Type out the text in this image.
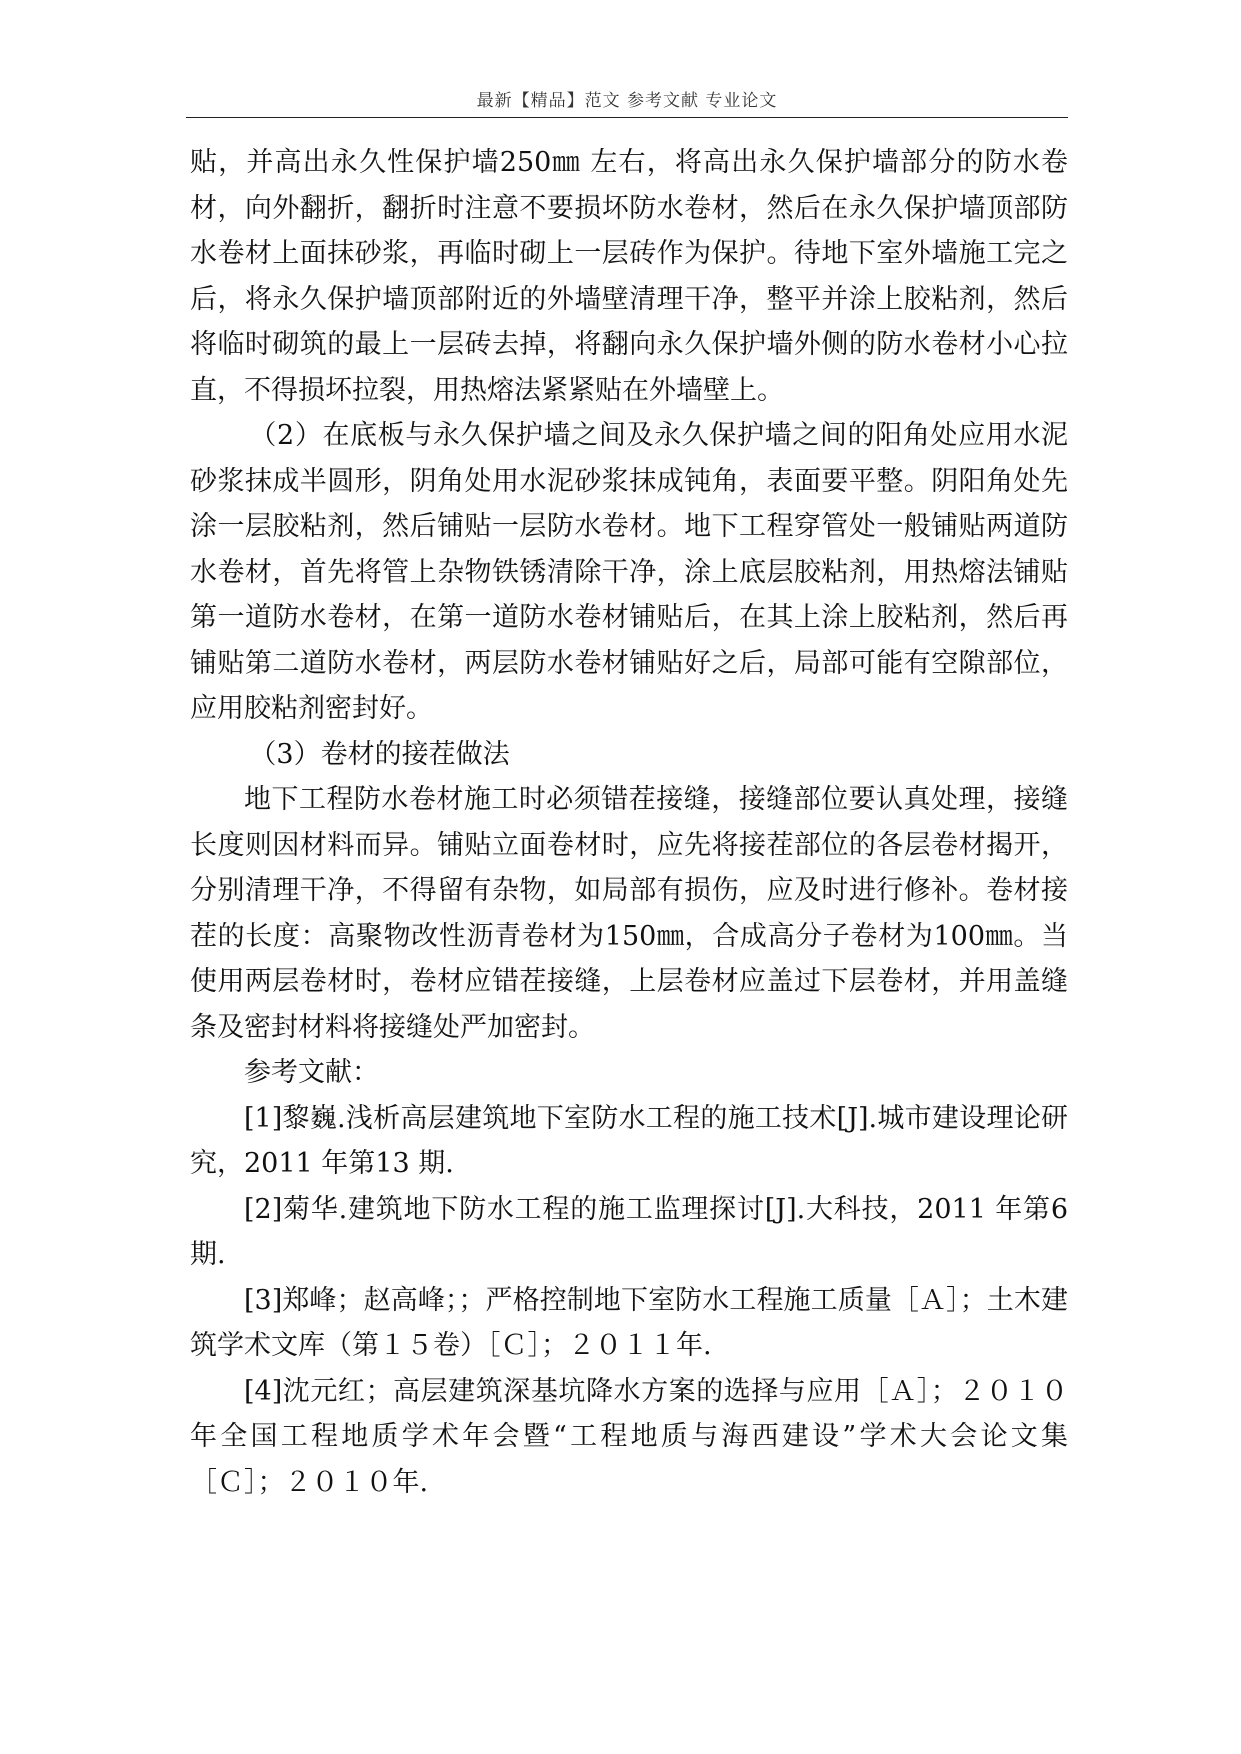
最新【精品】范文 参考文献 专业论文

贴，并高出永久性保护墙250㎜ 左右，将高出永久保护墙部分的防水卷材，向外翻折，翻折时注意不要损坏防水卷材，然后在永久保护墙顶部防水卷材上面抹砂浆，再临时砌上一层砖作为保护。待地下室外墙施工完之后，将永久保护墙顶部附近的外墙壁清理干净，整平并涂上胶粘剂，然后将临时砌筑的最上一层砖去掉，将翻向永久保护墙外侧的防水卷材小心拉直，不得损坏拉裂，用热熔法紧紧贴在外墙壁上。

（2）在底板与永久保护墙之间及永久保护墙之间的阳角处应用水泥砂浆抹成半圆形，阴角处用水泥砂浆抹成钝角，表面要平整。阴阳角处先涂一层胶粘剂，然后铺贴一层防水卷材。地下工程穿管处一般铺贴两道防水卷材，首先将管上杂物铁锈清除干净，涂上底层胶粘剂，用热熔法铺贴第一道防水卷材，在第一道防水卷材铺贴后，在其上涂上胶粘剂，然后再铺贴第二道防水卷材，两层防水卷材铺贴好之后，局部可能有空隙部位，应用胶粘剂密封好。

（3）卷材的接茬做法

地下工程防水卷材施工时必须错茬接缝，接缝部位要认真处理，接缝长度则因材料而异。铺贴立面卷材时，应先将接茬部位的各层卷材揭开，分别清理干净，不得留有杂物，如局部有损伤，应及时进行修补。卷材接茬的长度：高聚物改性沥青卷材为150㎜，合成高分子卷材为100㎜。当使用两层卷材时，卷材应错茬接缝，上层卷材应盖过下层卷材，并用盖缝条及密封材料将接缝处严加密封。

参考文献：

[1]黎巍.浅析高层建筑地下室防水工程的施工技术[J].城市建设理论研究，2011 年第13 期.

[2]菊华.建筑地下防水工程的施工监理探讨[J].大科技，2011 年第6 期.

[3]郑峰；赵高峰；；严格控制地下室防水工程施工质量［Ａ］；土木建筑学术文库（第１５卷）［Ｃ］；２０１１年.

[4]沈元红；高层建筑深基坑降水方案的选择与应用［Ａ］；２０１０年全国工程地质学术年会暨“工程地质与海西建设”学术大会论文集［Ｃ］；２０１０年.
